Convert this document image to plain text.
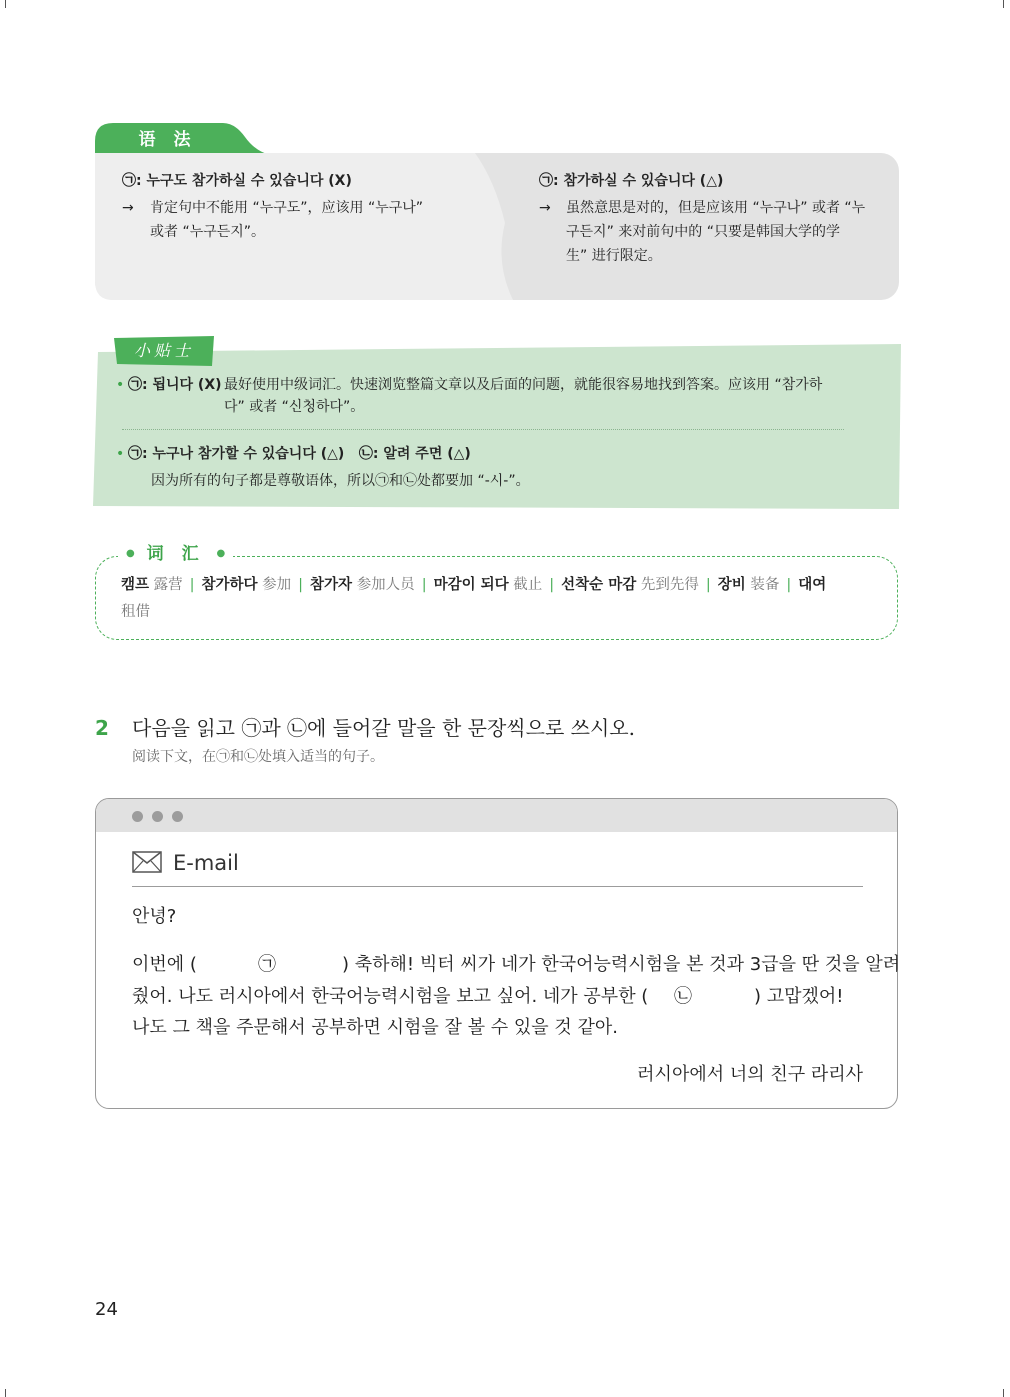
语 法
㉠: 누구도 참가하실 수 있습니다 (X)
→ 肯定句中不能用 “누구도”，应该用 “누구나”
或者 “누구든지”。
㉠: 참가하실 수 있습니다 (△)
→ 虽然意思是对的，但是应该用 “누구나” 或者 “누
구든지” 来对前句中的 “只要是韩国大学的学
生” 进行限定。
小贴士
• ㉠: 됩니다 (X) 最好使用中级词汇。快速浏览整篇文章以及后面的问题，就能很容易地找到答案。应该用 “참가하
다” 或者 “신청하다”。
• ㉠: 누구나 참가할 수 있습니다 (△)   ㉡: 알려 주면 (△)
因为所有的句子都是尊敬语体，所以㉠和㉡处都要加 “-시-”。
● 词 汇 ●
캠프 露营 | 참가하다 参加 | 참가자 参加人员 | 마감이 되다 截止 | 선착순 마감 先到先得 | 장비 装备 | 대여
租借
2 다음을 읽고 ㉠과 ㉡에 들어갈 말을 한 문장씩으로 쓰시오.
阅读下文，在㉠和㉡处填入适当的句子。
E-mail
안녕?
이번에 (	㉠	) 축하해! 빅터 씨가 네가 한국어능력시험을 본 것과 3급을 딴 것을 알려
줬어. 나도 러시아에서 한국어능력시험을 보고 싶어. 네가 공부한 ( ㉡	) 고맙겠어!
나도 그 책을 주문해서 공부하면 시험을 잘 볼 수 있을 것 같아.
러시아에서 너의 친구 라리사
24
